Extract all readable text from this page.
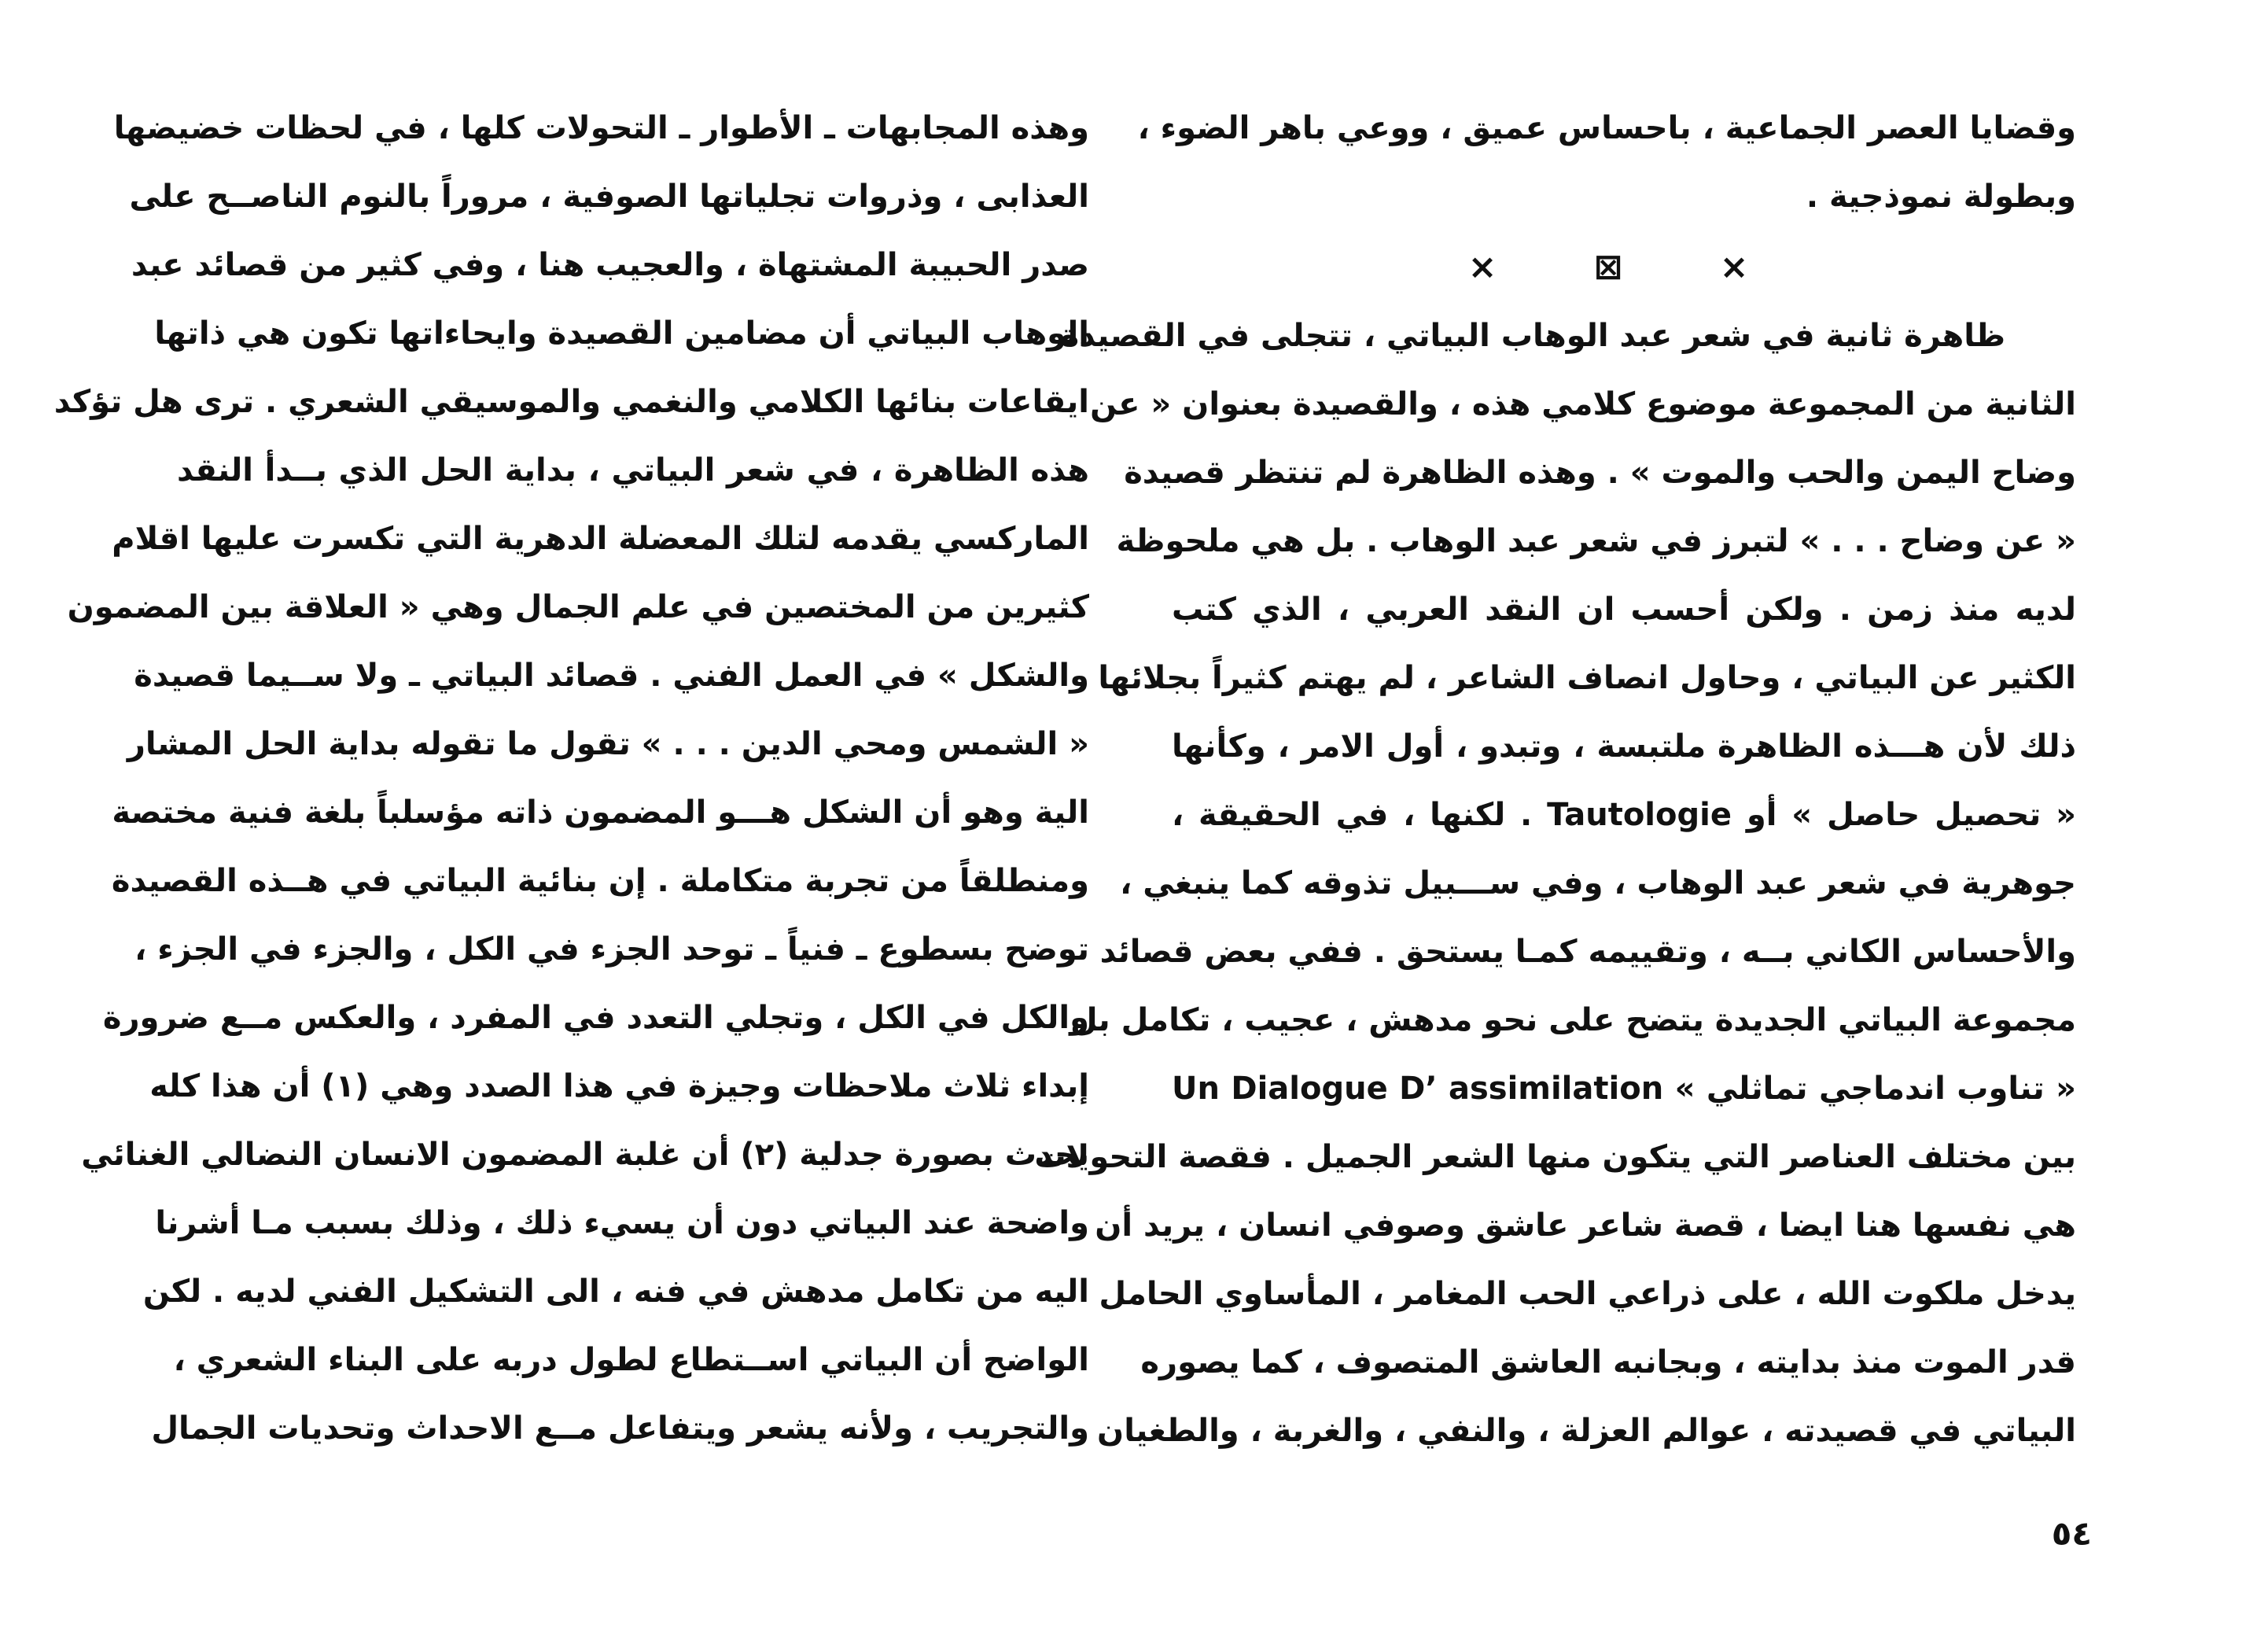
وقضايا العصر الجماعية ، باحساس عميق ، ووعي باهر الضوء ،
وبطولة نموذجية .
×	⊠	×
ظاهرة ثانية في شعر عبد الوهاب البياتي ، تتجلى في القصيدة
الثانية من المجموعة موضوع كلامي هذه ، والقصيدة بعنوان « عن
وضاح اليمن والحب والموت » . وهذه الظاهرة لم تنتظر قصيدة
« عن وضاح . . . » لتبرز في شعر عبد الوهاب . بل هي ملحوظة
لديه منذ زمن . ولكن أحسب ان النقد العربي ، الذي كتب
الكثير عن البياتي ، وحاول انصاف الشاعر ، لم يهتم كثيراً بجلائها
ذلك لأن هـــذه الظاهرة ملتبسة ، وتبدو ، أول الامر ، وكأنها
« تحصيل حاصل » أو Tautologie . لكنها ، في الحقيقة ،
جوهرية في شعر عبد الوهاب ، وفي ســـبيل تذوقه كما ينبغي ،
والأحساس الكاني بــه ، وتقييمه كمـا يستحق . ففي بعض قصائد
مجموعة البياتي الجديدة يتضح على نحو مدهش ، عجيب ، تكامل بل
« تناوب اندماجي تماثلي » Un Dialogue D’ assimilation
بين مختلف العناصر التي يتكون منها الشعر الجميل . فقصة التحولات
هي نفسها هنا ايضا ، قصة شاعر عاشق وصوفي انسان ، يريد أن
يدخل ملكوت الله ، على ذراعي الحب المغامر ، المأساوي الحامل
قدر الموت منذ بدايته ، وبجانبه العاشق المتصوف ، كما يصوره
البياتي في قصيدته ، عوالم العزلة ، والنفي ، والغربة ، والطغيان
٥٤
وهذه المجابهات ـ الأطوار ـ التحولات كلها ، في لحظات خضيضها
العذابى ، وذروات تجلياتها الصوفية ، مروراً بالنوم الناصــح على
صدر الحبيبة المشتهاة ، والعجيب هنا ، وفي كثير من قصائد عبد
الوهاب البياتي أن مضامين القصيدة وايحاءاتها تكون هي ذاتها
ايقاعات بنائها الكلامي والنغمي والموسيقي الشعري . ترى هل تؤكد
هذه الظاهرة ، في شعر البياتي ، بداية الحل الذي بــدأ النقد
الماركسي يقدمه لتلك المعضلة الدهرية التي تكسرت عليها اقلام
كثيرين من المختصين في علم الجمال وهي « العلاقة بين المضمون
والشكل » في العمل الفني . قصائد البياتي ـ ولا ســيما قصيدة
« الشمس ومحي الدين . . . » تقول ما تقوله بداية الحل المشار
الية وهو أن الشكل هـــو المضمون ذاته مؤسلباً بلغة فنية مختصة
ومنطلقاً من تجربة متكاملة . إن بنائية البياتي في هــذه القصيدة
توضح بسطوع ـ فنياً ـ توحد الجزء في الكل ، والجزء في الجزء ،
والكل في الكل ، وتجلي التعدد في المفرد ، والعكس مــع ضرورة
إبداء ثلاث ملاحظات وجيزة في هذا الصدد وهي (١) أن هذا كله
يحدث بصورة جدلية (٢) أن غلبة المضمون الانسان النضالي الغنائي
واضحة عند البياتي دون أن يسيء ذلك ، وذلك بسبب مـا أشرنا
اليه من تكامل مدهش في فنه ، الى التشكيل الفني لديه . لكن
الواضح أن البياتي اســتطاع لطول دربه على البناء الشعري ،
والتجريب ، ولأنه يشعر ويتفاعل مــع الاحداث وتحديات الجمال
